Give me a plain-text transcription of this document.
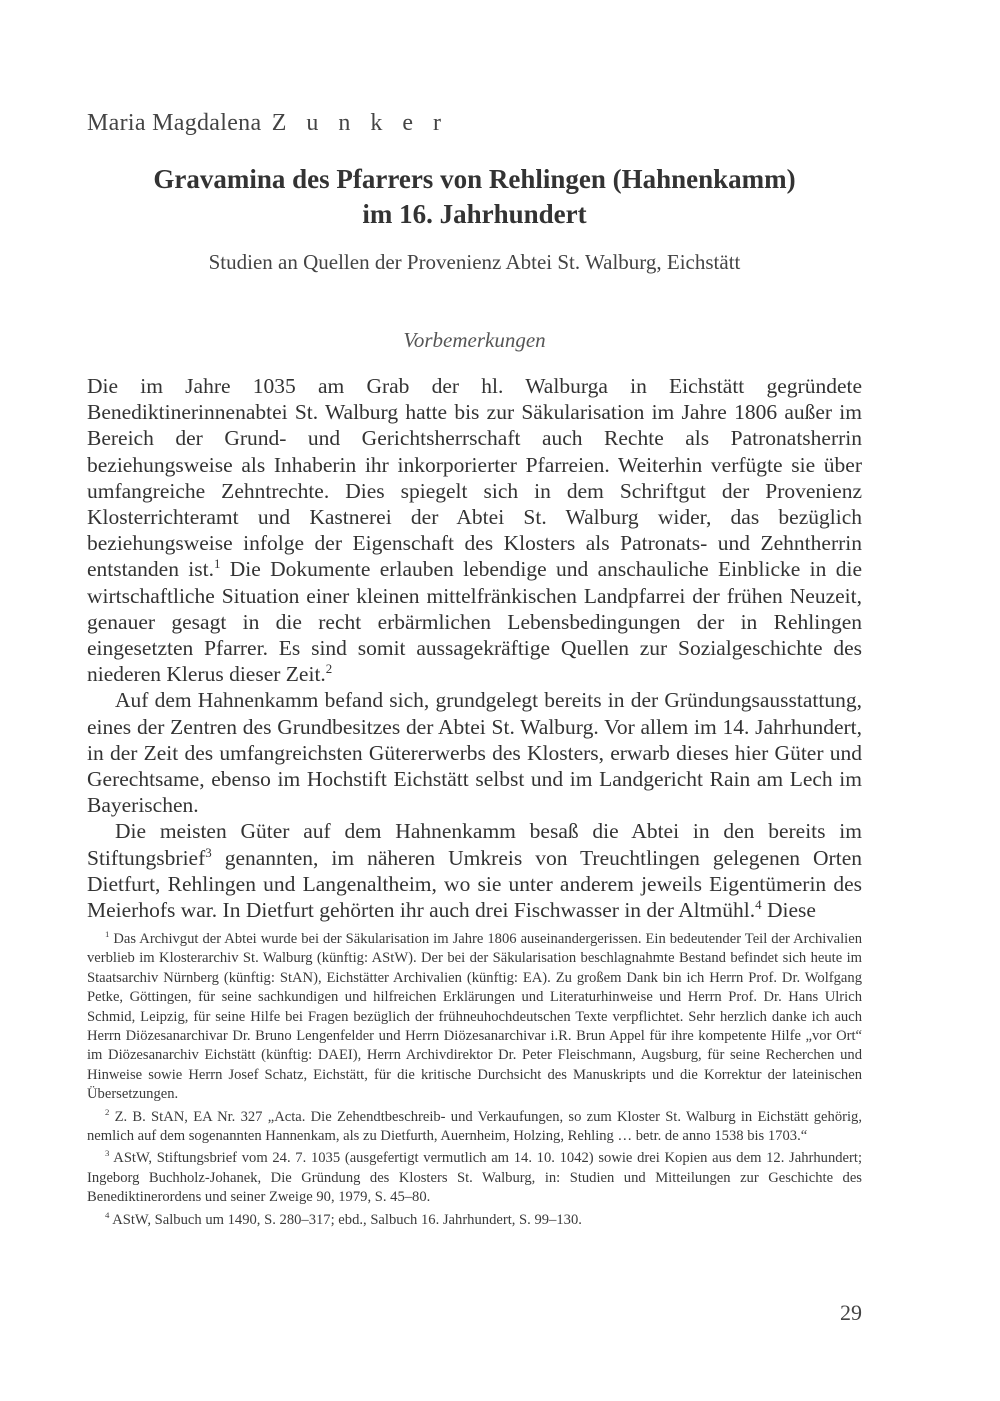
Maria Magdalena Z u n k e r
Gravamina des Pfarrers von Rehlingen (Hahnenkamm)
im 16. Jahrhundert
Studien an Quellen der Provenienz Abtei St. Walburg, Eichstätt
Vorbemerkungen

Die im Jahre 1035 am Grab der hl. Walburga in Eichstätt gegründete Benediktinerinnenabtei St. Walburg hatte bis zur Säkularisation im Jahre 1806 außer im Bereich der Grund- und Gerichtsherrschaft auch Rechte als Patronatsherrin beziehungsweise als Inhaberin ihr inkorporierter Pfarreien. Weiterhin verfügte sie über umfangreiche Zehntrechte. Dies spiegelt sich in dem Schriftgut der Provenienz Klosterrichteramt und Kastnerei der Abtei St. Walburg wider, das bezüglich beziehungsweise infolge der Eigenschaft des Klosters als Patronats- und Zehntherrin entstanden ist.$^1$ Die Dokumente erlauben lebendige und anschauliche Einblicke in die wirtschaftliche Situation einer kleinen mittelfränkischen Landpfarrei der frühen Neuzeit, genauer gesagt in die recht erbärmlichen Lebensbedingungen der in Rehlingen eingesetzten Pfarrer. Es sind somit aussagekräftige Quellen zur Sozialgeschichte des niederen Klerus dieser Zeit.$^2$

Auf dem Hahnenkamm befand sich, grundgelegt bereits in der Gründungsausstattung, eines der Zentren des Grundbesitzes der Abtei St. Walburg. Vor allem im 14. Jahrhundert, in der Zeit des umfangreichsten Gütererwerbs des Klosters, erwarb dieses hier Güter und Gerechtsame, ebenso im Hochstift Eichstätt selbst und im Landgericht Rain am Lech im Bayerischen.

Die meisten Güter auf dem Hahnenkamm besaß die Abtei in den bereits im Stiftungsbrief$^3$ genannten, im näheren Umkreis von Treuchtlingen gelegenen Orten Dietfurt, Rehlingen und Langenaltheim, wo sie unter anderem jeweils Eigentümerin des Meierhofs war. In Dietfurt gehörten ihr auch drei Fischwasser in der Altmühl.$^4$ Diese

$^1$ Das Archivgut der Abtei wurde bei der Säkularisation im Jahre 1806 auseinandergerissen. Ein bedeutender Teil der Archivalien verblieb im Klosterarchiv St. Walburg (künftig: AStW). Der bei der Säkularisation beschlagnahmte Bestand befindet sich heute im Staatsarchiv Nürnberg (künftig: StAN), Eichstätter Archivalien (künftig: EA). Zu großem Dank bin ich Herrn Prof. Dr. Wolfgang Petke, Göttingen, für seine sachkundigen und hilfreichen Erklärungen und Literaturhinweise und Herrn Prof. Dr. Hans Ulrich Schmid, Leipzig, für seine Hilfe bei Fragen bezüglich der frühneuhochdeutschen Texte verpflichtet. Sehr herzlich danke ich auch Herrn Diözesanarchivar Dr. Bruno Lengenfelder und Herrn Diözesanarchivar i.R. Brun Appel für ihre kompetente Hilfe „vor Ort“ im Diözesanarchiv Eichstätt (künftig: DAEI), Herrn Archivdirektor Dr. Peter Fleischmann, Augsburg, für seine Recherchen und Hinweise sowie Herrn Josef Schatz, Eichstätt, für die kritische Durchsicht des Manuskripts und die Korrektur der lateinischen Übersetzungen.

$^2$ Z. B. StAN, EA Nr. 327 „Acta. Die Zehendtbeschreib- und Verkaufungen, so zum Kloster St. Walburg in Eichstätt gehörig, nemlich auf dem sogenannten Hannenkam, als zu Dietfurth, Auernheim, Holzing, Rehling … betr. de anno 1538 bis 1703.“

$^3$ AStW, Stiftungsbrief vom 24. 7. 1035 (ausgefertigt vermutlich am 14. 10. 1042) sowie drei Kopien aus dem 12. Jahrhundert; Ingeborg Buchholz-Johanek, Die Gründung des Klosters St. Walburg, in: Studien und Mitteilungen zur Geschichte des Benediktinerordens und seiner Zweige 90, 1979, S. 45–80.

$^4$ AStW, Salbuch um 1490, S. 280–317; ebd., Salbuch 16. Jahrhundert, S. 99–130.

29
